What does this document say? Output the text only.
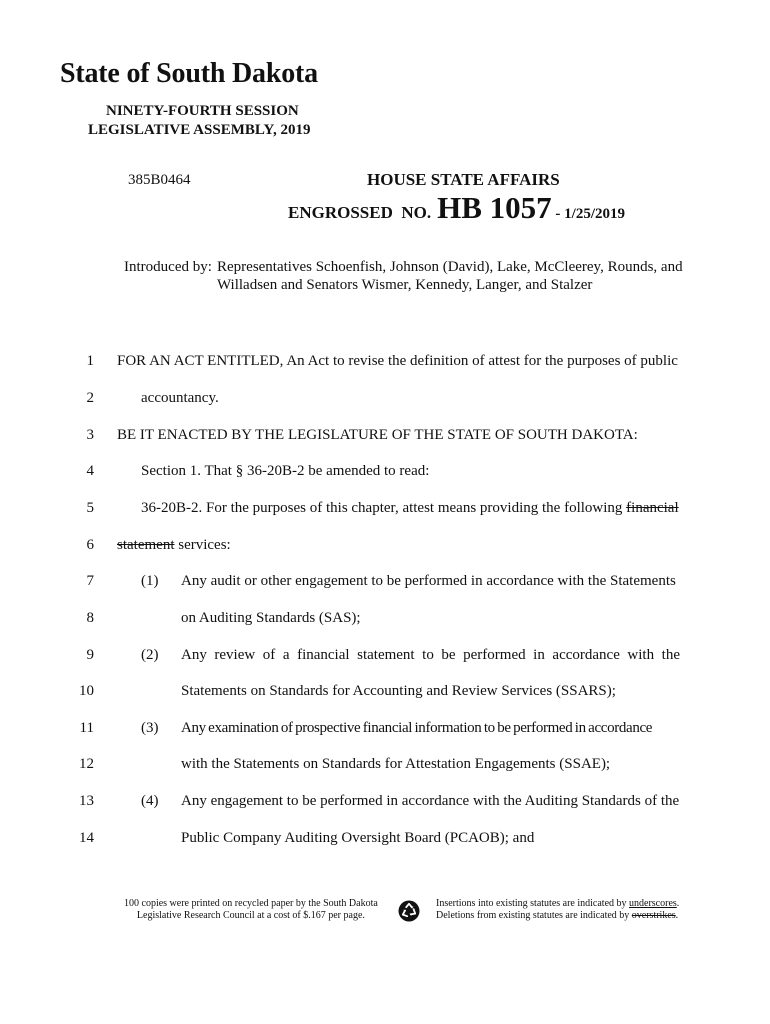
State of South Dakota
NINETY-FOURTH SESSION
LEGISLATIVE ASSEMBLY, 2019
385B0464	HOUSE STATE AFFAIRS
ENGROSSED  NO. HB 1057 - 1/25/2019
Introduced by: Representatives Schoenfish, Johnson (David), Lake, McCleerey, Rounds, and
Willadsen and Senators Wismer, Kennedy, Langer, and Stalzer
1 FOR AN ACT ENTITLED, An Act to revise the definition of attest for the purposes of public
2	accountancy.
3 BE IT ENACTED BY THE LEGISLATURE OF THE STATE OF SOUTH DAKOTA:
4	Section 1. That § 36-20B-2 be amended to read:
5	36-20B-2. For the purposes of this chapter, attest means providing the following financial
6 statement services:
7	(1) Any audit or other engagement to be performed in accordance with the Statements
8	on Auditing Standards (SAS);
9	(2) Any review of a financial statement to be performed in accordance with the
10	Statements on Standards for Accounting and Review Services (SSARS);
11	(3) Any examination of prospective financial information to be performed in accordance
12	with the Statements on Standards for Attestation Engagements (SSAE);
13	(4) Any engagement to be performed in accordance with the Auditing Standards of the
14	Public Company Auditing Oversight Board (PCAOB); and
100 copies were printed on recycled paper by the South Dakota
Legislative Research Council at a cost of $.167 per page.
Insertions into existing statutes are indicated by underscores.
Deletions from existing statutes are indicated by overstrikes.
